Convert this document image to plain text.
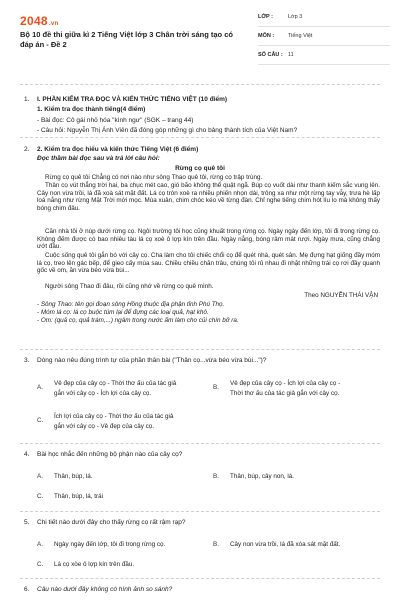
2048.vn
Bộ 10 đề thi giữa kì 2 Tiếng Việt lớp 3 Chân trời sáng tạo có đáp án - Đề 2
LỚP :	Lớp 3
MÔN :	Tiếng Việt
SỐ CÂU : 11
1. I. PHẦN KIỂM TRA ĐỌC VÀ KIẾN THỨC TIẾNG VIỆT (10 điểm)
1. Kiểm tra đọc thành tiếng(4 điểm)
- Bài đọc: Cô gái nhỏ hóa "kình ngư" (SGK – trang 44)
- Câu hỏi: Nguyễn Thị Ánh Viên đã đóng góp những gì cho bảng thành tích của Việt Nam?
2. 2. Kiểm tra đọc hiểu và kiến thức Tiếng Việt (6 điểm)
Đọc thầm bài đọc sau và trả lời câu hỏi:
Rừng cọ quê tôi
Rừng cọ quê tôi Chẳng có nơi nào như sông Thao quê tôi, rừng cọ trập trùng.
Thân cọ vút thẳng trời hai, ba chục mét cao, gió bão không thể quật ngã. Búp cọ vuốt dài như thanh kiếm sắc vung lên. Cây non vừa trồi, lá đã xoà sát mặt đất. Lá cọ tròn xoè ra nhiều phiến nhọn dài, trông xa như một rừng tay vẫy, trưa hè lấp loá nắng như rừng Mặt Trời mới mọc. Mùa xuân, chim chóc kéo về từng đàn. Chỉ nghe tiếng chim hót líu lo mà không thấy bóng chim đâu.
Căn nhà tôi ở núp dưới rừng cọ. Ngôi trường tôi học cũng khuất trong rừng cọ. Ngày ngày đến lớp, tôi đi trong rừng cọ. Không đếm được có bao nhiêu tàu lá cọ xoè ô lợp kín trên đầu. Ngày nắng, bóng râm mát rượi. Ngày mưa, cũng chẳng ướt đầu.
Cuộc sống quê tôi gắn bó với cây cọ. Cha làm cho tôi chiếc chổi cọ để quét nhà, quét sân. Mẹ đựng hạt giống đầy móm lá cọ, treo lên gác bếp, để gieo cấy mùa sau. Chiều chiều chăn trâu, chúng tôi rủ nhau đi nhặt những trái cọ rơi đầy quanh gốc về om, ăn vừa béo vừa bùi...
Người sông Thao đi đâu, rồi cũng nhớ về rừng cọ quê mình.
Theo NGUYỄN THÁI VẬN
- Sông Thao: tên gọi đoạn sông Hồng thuộc địa phận tỉnh Phú Thọ.
- Móm lá cọ: lá cọ buộc túm lại để đựng các loại quả, hạt khô.
- Om: (quả cọ, quả trám,...) ngâm trong nước ấm làm cho củi chín bở ra.
3. Dòng nào nêu đúng trình tự của phần thân bài ("Thân cọ...vừa béo vừa bùi...")?
A.
Vẻ đẹp của cây cọ - Thời thơ ấu của tác giả
gắn với cây cọ - Ích lợi của cây cọ.
B.
Vẻ đẹp của cây cọ - Ích lợi của cây cọ -
Thời thơ ấu của tác giả gắn với cây cọ.
C.
Ích lợi của cây cọ - Thời thơ ấu của tác giả
gắn với cây cọ - Vẻ đẹp của cây cọ.
4. Bài học nhắc đến những bộ phận nào của cây cọ?
A. Thân, búp, lá.	B. Thân, búp, cây non, lá.
C. Thân, búp, lá, trái
5. Chi tiết nào dưới đây cho thấy rừng cọ rất rậm rạp?
A. Ngày ngày đến lớp, tôi đi trong rừng cọ.	B. Cây non vừa trồi, lá đã xòa sát mặt đất.
C. Lá cọ xòe ô lợp kín trên đầu.
6. Câu nào dưới đây không có hình ảnh so sánh?
